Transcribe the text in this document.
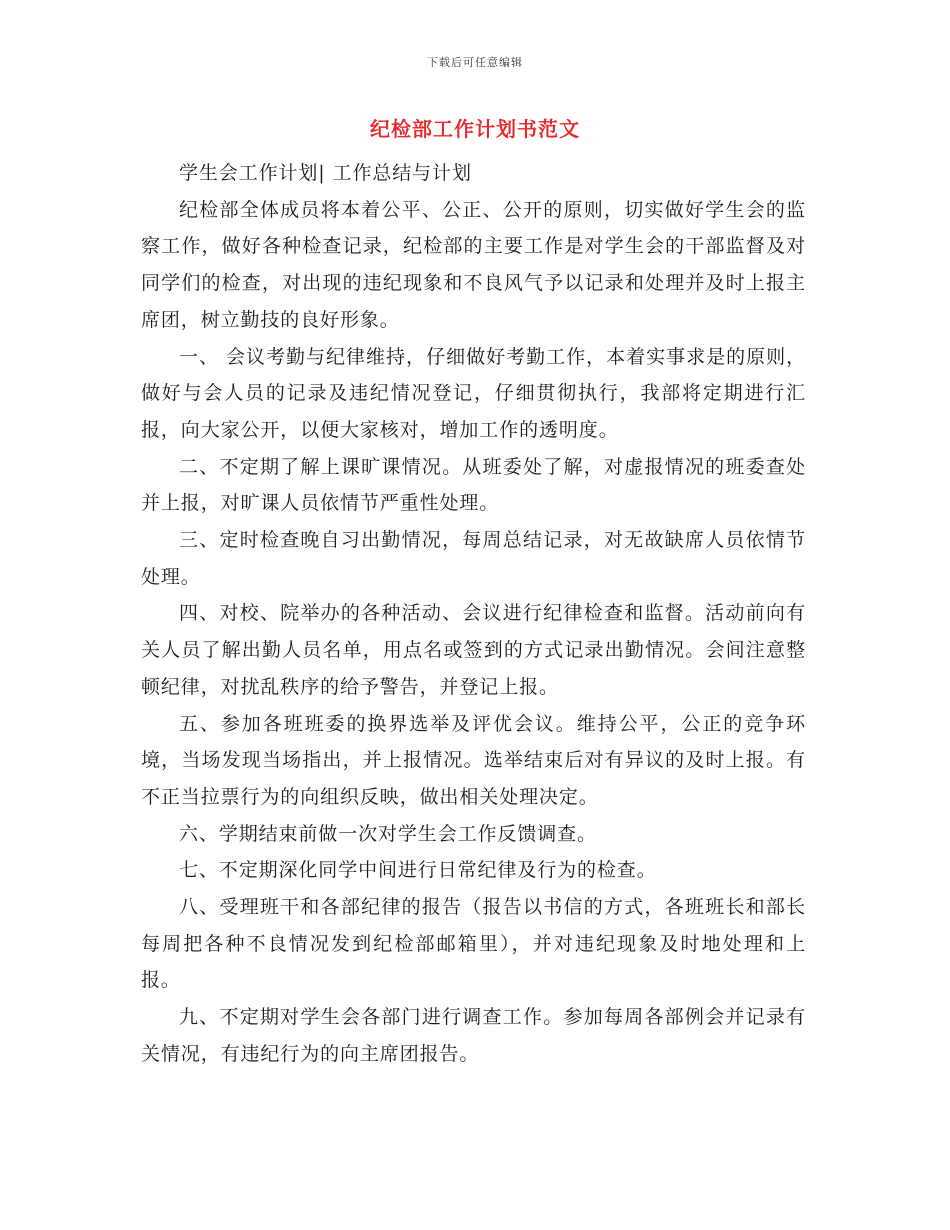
下载后可任意编辑
纪检部工作计划书范文

学生会工作计划| 工作总结与计划

纪检部全体成员将本着公平、公正、公开的原则，切实做好学生会的监察工作，做好各种检查记录，纪检部的主要工作是对学生会的干部监督及对同学们的检查，对出现的违纪现象和不良风气予以记录和处理并及时上报主席团，树立勤技的良好形象。

一、 会议考勤与纪律维持，仔细做好考勤工作，本着实事求是的原则，做好与会人员的记录及违纪情况登记，仔细贯彻执行，我部将定期进行汇报，向大家公开，以便大家核对，增加工作的透明度。

二、不定期了解上课旷课情况。从班委处了解，对虚报情况的班委查处并上报，对旷课人员依情节严重性处理。

三、定时检查晚自习出勤情况，每周总结记录，对无故缺席人员依情节处理。

四、对校、院举办的各种活动、会议进行纪律检查和监督。活动前向有关人员了解出勤人员名单，用点名或签到的方式记录出勤情况。会间注意整顿纪律，对扰乱秩序的给予警告，并登记上报。

五、参加各班班委的换界选举及评优会议。维持公平，公正的竞争环境，当场发现当场指出，并上报情况。选举结束后对有异议的及时上报。有不正当拉票行为的向组织反映，做出相关处理决定。

六、学期结束前做一次对学生会工作反馈调查。

七、不定期深化同学中间进行日常纪律及行为的检查。

八、受理班干和各部纪律的报告（报告以书信的方式，各班班长和部长每周把各种不良情况发到纪检部邮箱里），并对违纪现象及时地处理和上报。

九、不定期对学生会各部门进行调查工作。参加每周各部例会并记录有关情况，有违纪行为的向主席团报告。
